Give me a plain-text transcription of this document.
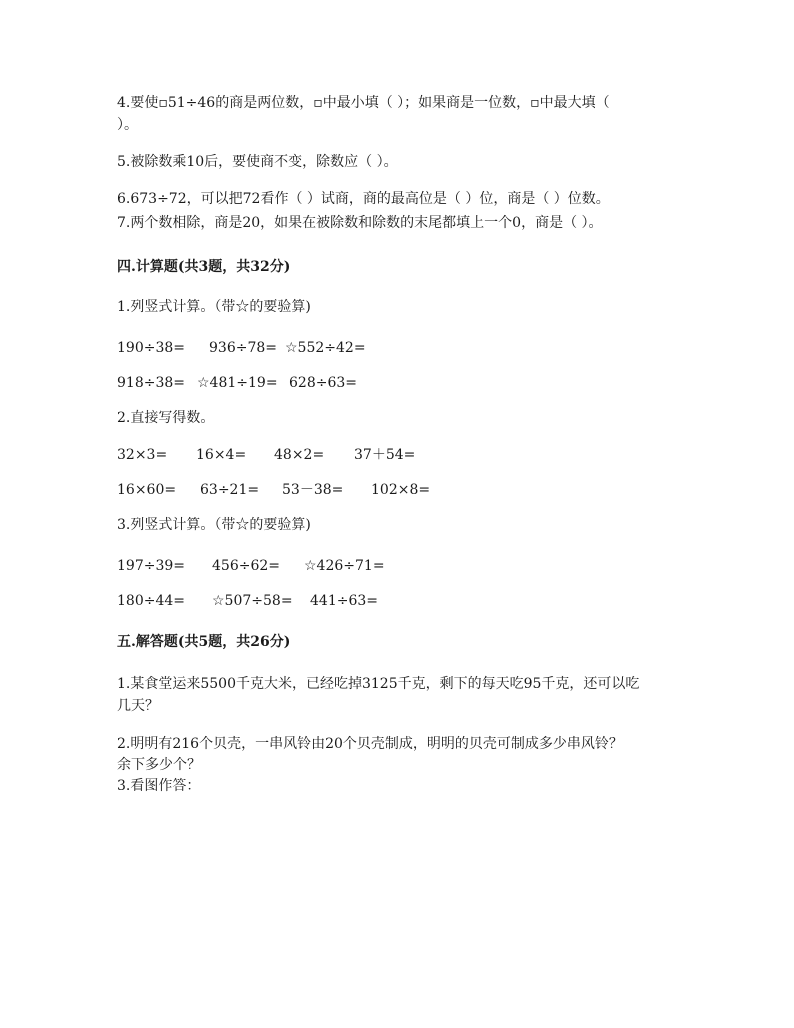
4.要使▫51÷46的商是两位数，▫中最小填（ ）；如果商是一位数，▫中最大填（
）。
5.被除数乘10后，要使商不变，除数应（ ）。
6.673÷72，可以把72看作（ ）试商，商的最高位是（ ）位，商是（ ）位数。
7.两个数相除，商是20，如果在被除数和除数的末尾都填上一个0，商是（ ）。
四.计算题(共3题，共32分)
1.列竖式计算。（带☆的要验算)
190÷38= 936÷78= ☆552÷42=
918÷38= ☆481÷19= 628÷63=
2.直接写得数。
32×3= 16×4= 48×2= 37＋54=
16×60= 63÷21= 53－38= 102×8=
3.列竖式计算。（带☆的要验算)
197÷39= 456÷62= ☆426÷71=
180÷44= ☆507÷58= 441÷63=
五.解答题(共5题，共26分)
1.某食堂运来5500千克大米，已经吃掉3125千克，剩下的每天吃95千克，还可以吃
几天？
2.明明有216个贝壳，一串风铃由20个贝壳制成，明明的贝壳可制成多少串风铃？
余下多少个？
3.看图作答：
